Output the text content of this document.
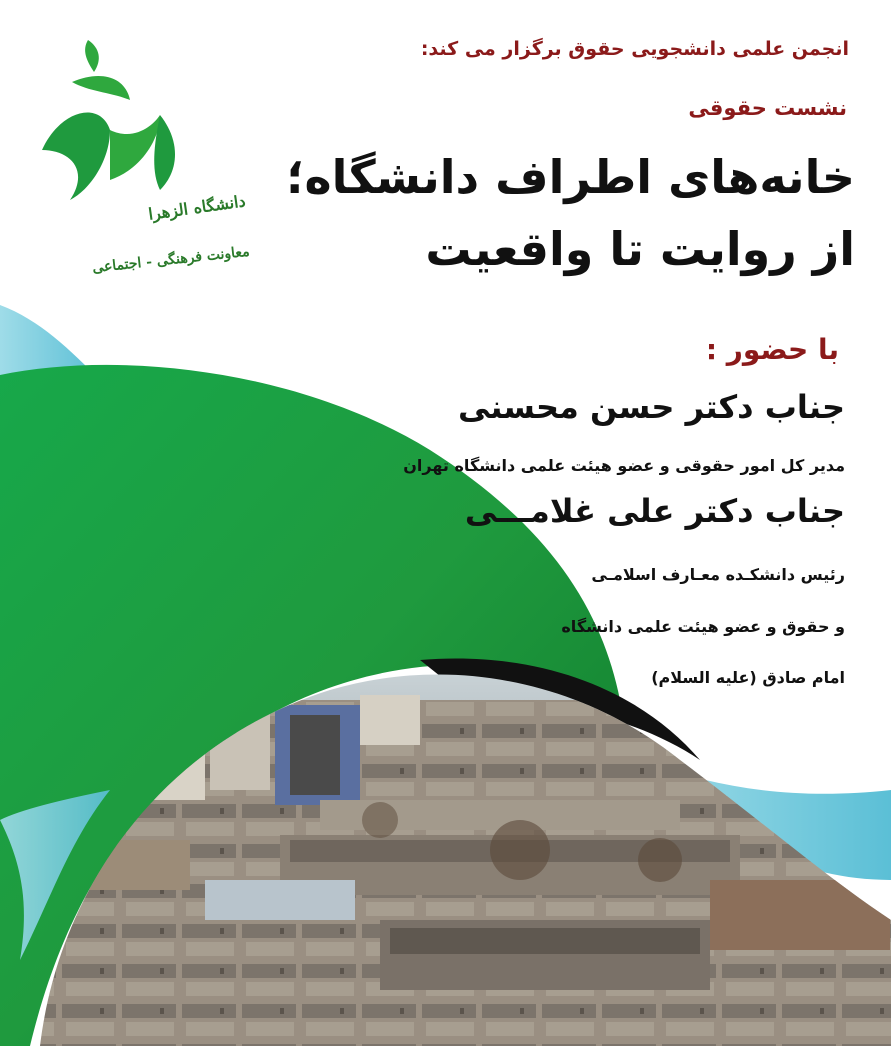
دانشگاه الزهرا
معاونت فرهنگی - اجتماعی
انجمن علمی دانشجویی حقوق برگزار می کند:
نشست حقوقی
خانه‌های اطراف دانشگاه؛
از روایت تا واقعیت
با حضور :
جناب دکتر حسن محسنی
مدیر کل امور حقوقی و عضو هیئت علمی دانشگاه تهران
جناب دکتر علی غلامـــی
رئیس دانشکـده معـارف اسلامـی
و حقوق و عضو هیئت علمی دانشگاه
امام صادق (علیه السلام)
